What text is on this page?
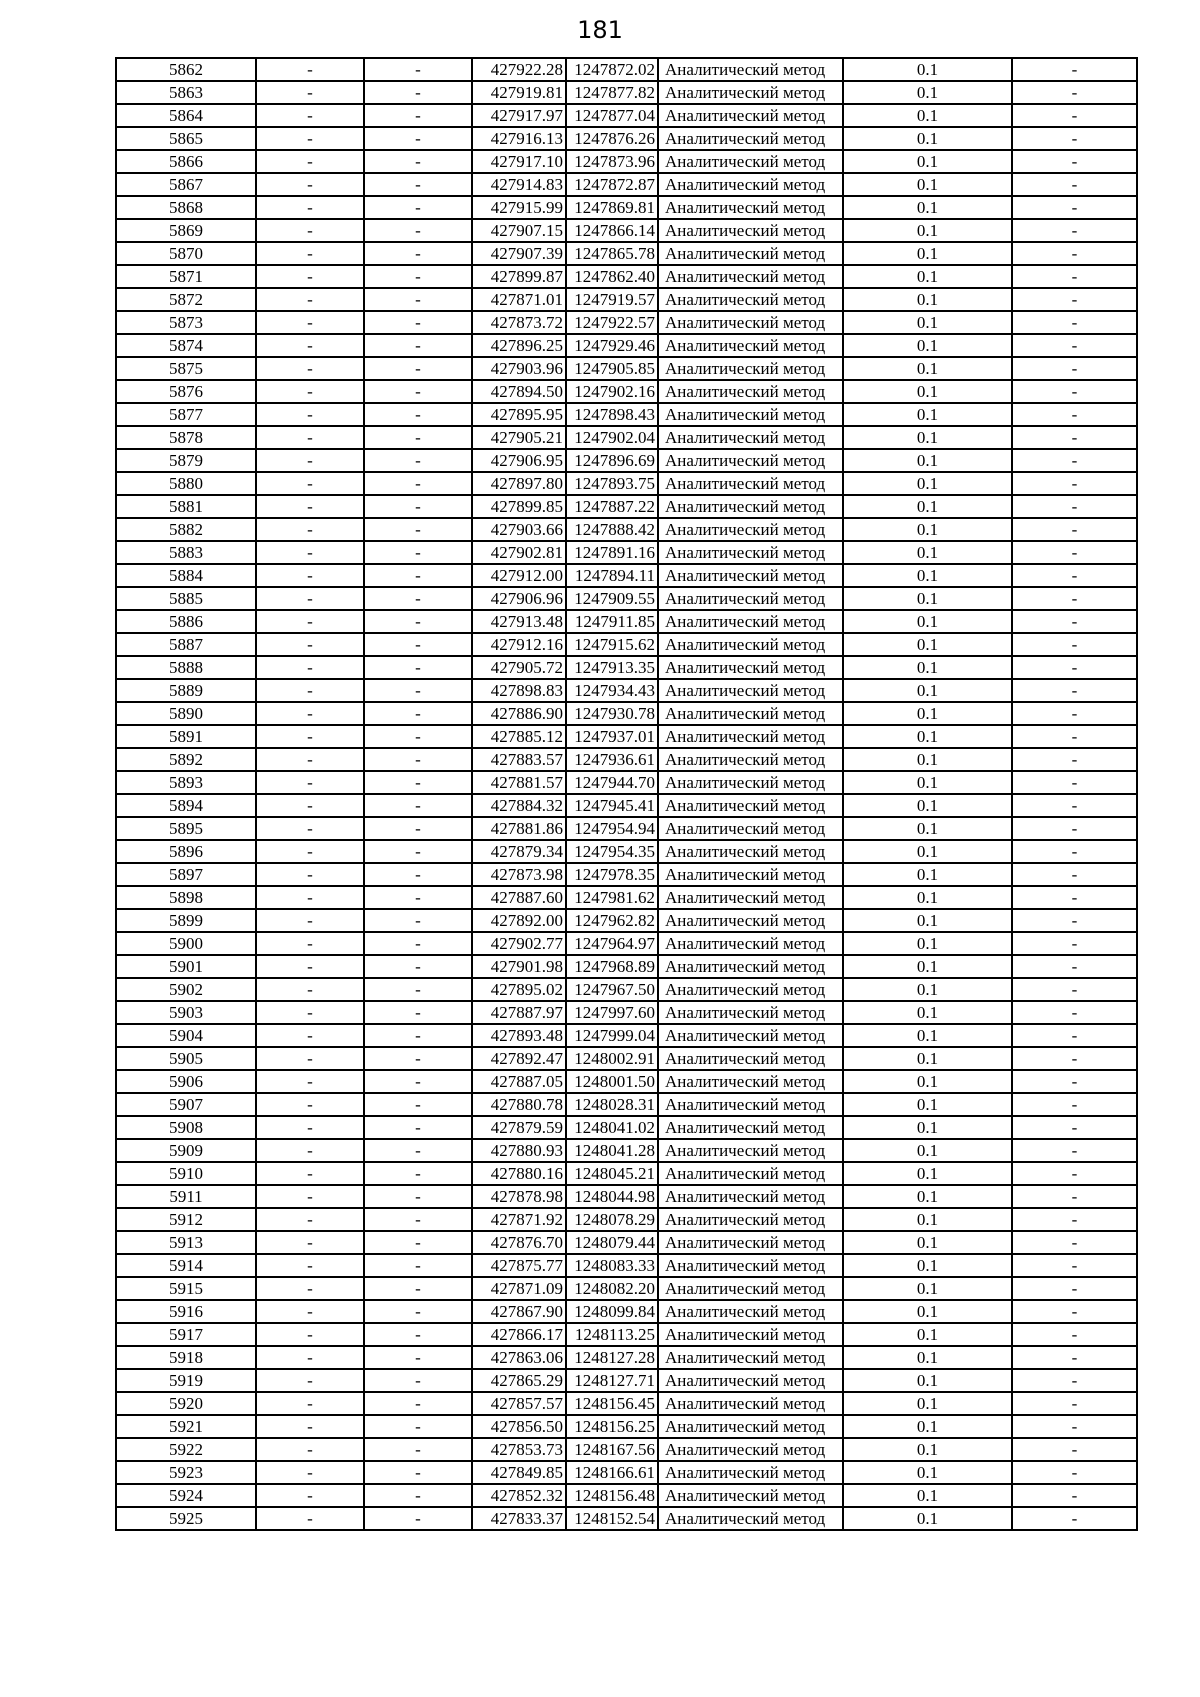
181
5862	-	-	427922.28	1247872.02	Аналитический метод	0.1	-
5863	-	-	427919.81	1247877.82	Аналитический метод	0.1	-
5864	-	-	427917.97	1247877.04	Аналитический метод	0.1	-
5865	-	-	427916.13	1247876.26	Аналитический метод	0.1	-
5866	-	-	427917.10	1247873.96	Аналитический метод	0.1	-
5867	-	-	427914.83	1247872.87	Аналитический метод	0.1	-
5868	-	-	427915.99	1247869.81	Аналитический метод	0.1	-
5869	-	-	427907.15	1247866.14	Аналитический метод	0.1	-
5870	-	-	427907.39	1247865.78	Аналитический метод	0.1	-
5871	-	-	427899.87	1247862.40	Аналитический метод	0.1	-
5872	-	-	427871.01	1247919.57	Аналитический метод	0.1	-
5873	-	-	427873.72	1247922.57	Аналитический метод	0.1	-
5874	-	-	427896.25	1247929.46	Аналитический метод	0.1	-
5875	-	-	427903.96	1247905.85	Аналитический метод	0.1	-
5876	-	-	427894.50	1247902.16	Аналитический метод	0.1	-
5877	-	-	427895.95	1247898.43	Аналитический метод	0.1	-
5878	-	-	427905.21	1247902.04	Аналитический метод	0.1	-
5879	-	-	427906.95	1247896.69	Аналитический метод	0.1	-
5880	-	-	427897.80	1247893.75	Аналитический метод	0.1	-
5881	-	-	427899.85	1247887.22	Аналитический метод	0.1	-
5882	-	-	427903.66	1247888.42	Аналитический метод	0.1	-
5883	-	-	427902.81	1247891.16	Аналитический метод	0.1	-
5884	-	-	427912.00	1247894.11	Аналитический метод	0.1	-
5885	-	-	427906.96	1247909.55	Аналитический метод	0.1	-
5886	-	-	427913.48	1247911.85	Аналитический метод	0.1	-
5887	-	-	427912.16	1247915.62	Аналитический метод	0.1	-
5888	-	-	427905.72	1247913.35	Аналитический метод	0.1	-
5889	-	-	427898.83	1247934.43	Аналитический метод	0.1	-
5890	-	-	427886.90	1247930.78	Аналитический метод	0.1	-
5891	-	-	427885.12	1247937.01	Аналитический метод	0.1	-
5892	-	-	427883.57	1247936.61	Аналитический метод	0.1	-
5893	-	-	427881.57	1247944.70	Аналитический метод	0.1	-
5894	-	-	427884.32	1247945.41	Аналитический метод	0.1	-
5895	-	-	427881.86	1247954.94	Аналитический метод	0.1	-
5896	-	-	427879.34	1247954.35	Аналитический метод	0.1	-
5897	-	-	427873.98	1247978.35	Аналитический метод	0.1	-
5898	-	-	427887.60	1247981.62	Аналитический метод	0.1	-
5899	-	-	427892.00	1247962.82	Аналитический метод	0.1	-
5900	-	-	427902.77	1247964.97	Аналитический метод	0.1	-
5901	-	-	427901.98	1247968.89	Аналитический метод	0.1	-
5902	-	-	427895.02	1247967.50	Аналитический метод	0.1	-
5903	-	-	427887.97	1247997.60	Аналитический метод	0.1	-
5904	-	-	427893.48	1247999.04	Аналитический метод	0.1	-
5905	-	-	427892.47	1248002.91	Аналитический метод	0.1	-
5906	-	-	427887.05	1248001.50	Аналитический метод	0.1	-
5907	-	-	427880.78	1248028.31	Аналитический метод	0.1	-
5908	-	-	427879.59	1248041.02	Аналитический метод	0.1	-
5909	-	-	427880.93	1248041.28	Аналитический метод	0.1	-
5910	-	-	427880.16	1248045.21	Аналитический метод	0.1	-
5911	-	-	427878.98	1248044.98	Аналитический метод	0.1	-
5912	-	-	427871.92	1248078.29	Аналитический метод	0.1	-
5913	-	-	427876.70	1248079.44	Аналитический метод	0.1	-
5914	-	-	427875.77	1248083.33	Аналитический метод	0.1	-
5915	-	-	427871.09	1248082.20	Аналитический метод	0.1	-
5916	-	-	427867.90	1248099.84	Аналитический метод	0.1	-
5917	-	-	427866.17	1248113.25	Аналитический метод	0.1	-
5918	-	-	427863.06	1248127.28	Аналитический метод	0.1	-
5919	-	-	427865.29	1248127.71	Аналитический метод	0.1	-
5920	-	-	427857.57	1248156.45	Аналитический метод	0.1	-
5921	-	-	427856.50	1248156.25	Аналитический метод	0.1	-
5922	-	-	427853.73	1248167.56	Аналитический метод	0.1	-
5923	-	-	427849.85	1248166.61	Аналитический метод	0.1	-
5924	-	-	427852.32	1248156.48	Аналитический метод	0.1	-
5925	-	-	427833.37	1248152.54	Аналитический метод	0.1	-
